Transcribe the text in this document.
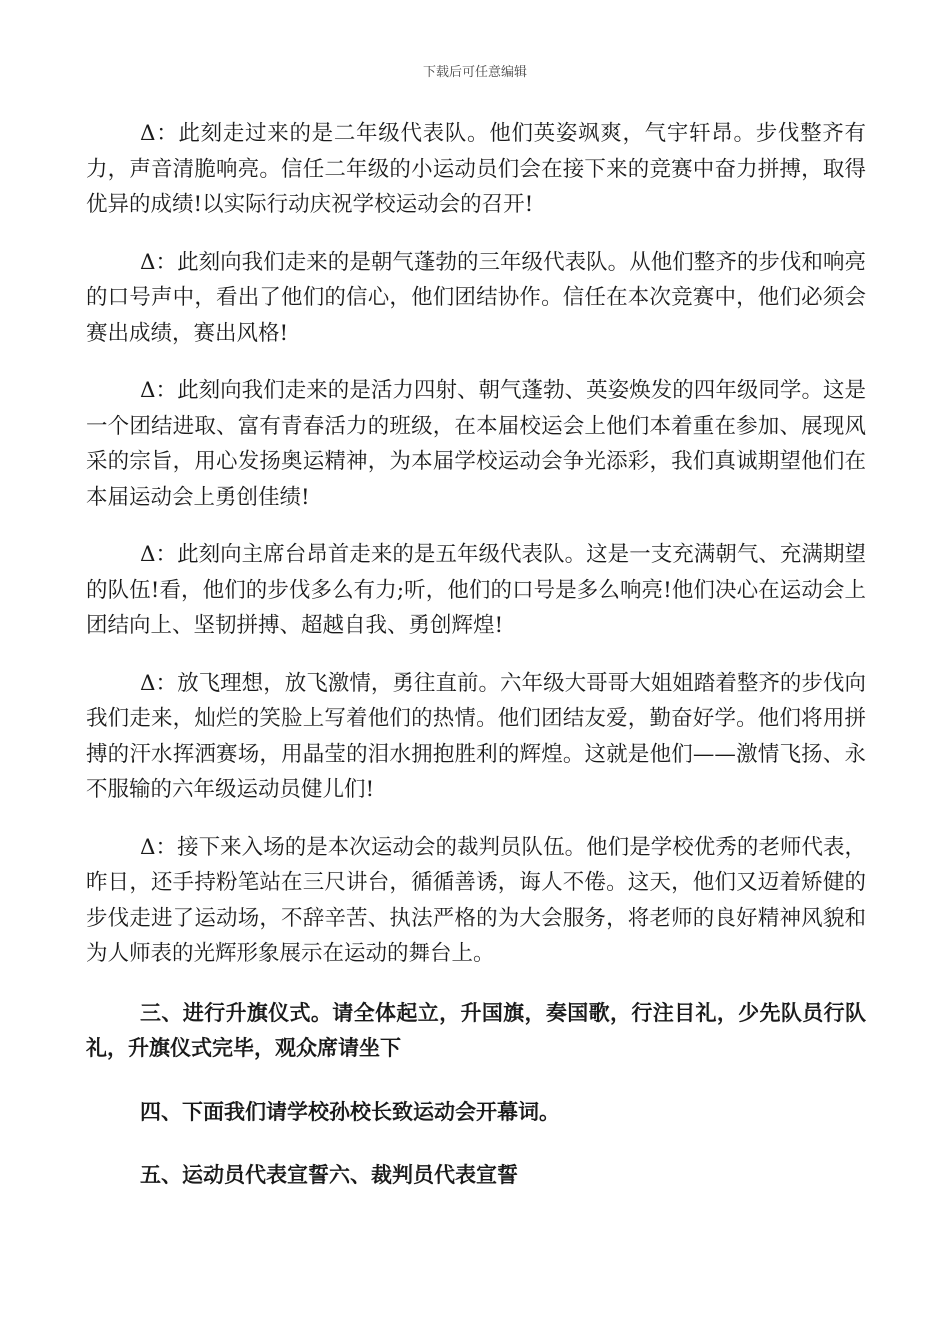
下载后可任意编辑

Δ：此刻走过来的是二年级代表队。他们英姿飒爽，气宇轩昂。步伐整齐有力，声音清脆响亮。信任二年级的小运动员们会在接下来的竞赛中奋力拼搏，取得优异的成绩!以实际行动庆祝学校运动会的召开!

Δ：此刻向我们走来的是朝气蓬勃的三年级代表队。从他们整齐的步伐和响亮的口号声中，看出了他们的信心，他们团结协作。信任在本次竞赛中，他们必须会赛出成绩，赛出风格!

Δ：此刻向我们走来的是活力四射、朝气蓬勃、英姿焕发的四年级同学。这是一个团结进取、富有青春活力的班级，在本届校运会上他们本着重在参加、展现风采的宗旨，用心发扬奥运精神，为本届学校运动会争光添彩，我们真诚期望他们在本届运动会上勇创佳绩!

Δ：此刻向主席台昂首走来的是五年级代表队。这是一支充满朝气、充满期望的队伍!看，他们的步伐多么有力;听，他们的口号是多么响亮!他们决心在运动会上团结向上、坚韧拼搏、超越自我、勇创辉煌!

Δ：放飞理想，放飞激情，勇往直前。六年级大哥哥大姐姐踏着整齐的步伐向我们走来，灿烂的笑脸上写着他们的热情。他们团结友爱，勤奋好学。他们将用拼搏的汗水挥洒赛场，用晶莹的泪水拥抱胜利的辉煌。这就是他们——激情飞扬、永不服输的六年级运动员健儿们!

Δ：接下来入场的是本次运动会的裁判员队伍。他们是学校优秀的老师代表，昨日，还手持粉笔站在三尺讲台，循循善诱，诲人不倦。这天，他们又迈着矫健的步伐走进了运动场，不辞辛苦、执法严格的为大会服务，将老师的良好精神风貌和为人师表的光辉形象展示在运动的舞台上。

三、进行升旗仪式。请全体起立，升国旗，奏国歌，行注目礼，少先队员行队礼，升旗仪式完毕，观众席请坐下

四、下面我们请学校孙校长致运动会开幕词。

五、运动员代表宣誓六、裁判员代表宣誓
